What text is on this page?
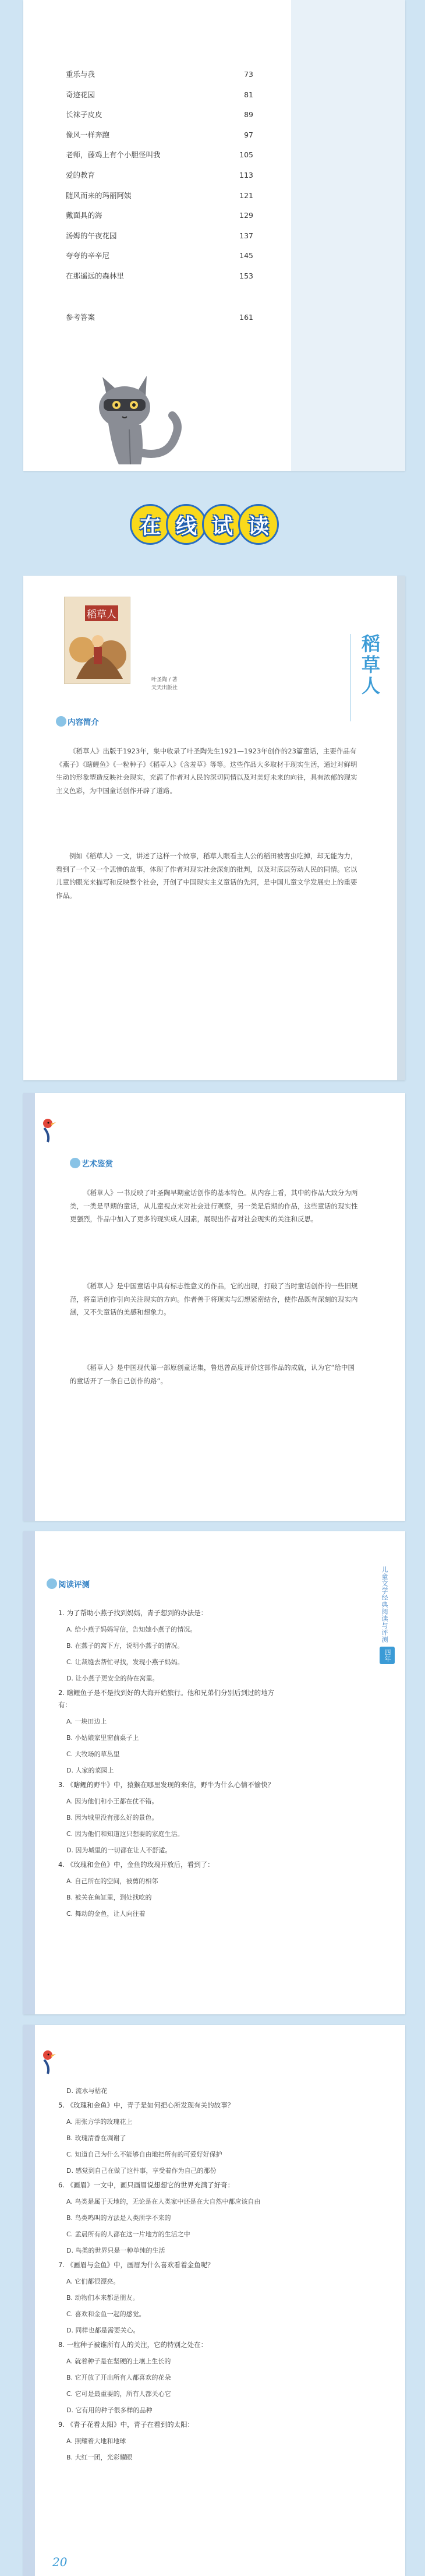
重乐与我	73
奇迹花园	81
长袜子皮皮	89
像风一样奔跑	97
老师，藤鸡上有个小胆怪叫我	105
爱的教育	113
随风而来的玛丽阿姨	121
戴面具的海	129
汤姆的午夜花园	137
夸夸的辛辛尼	145
在那遥远的森林里	153
参考答案	161
在 线 试 读
稻草人
叶圣陶 / 著
天天出版社	稻草人
内容简介

《稻草人》出版于1923年，集中收录了叶圣陶先生1921—1923年创作的23篇童话，主要作品有《燕子》《瞎鲤鱼》《一粒种子》《稻草人》《含羞草》等等。这些作品大多取材于现实生活，通过对鲜明生动的形象塑造反映社会现实，充满了作者对人民的深切同情以及对美好未来的向往，具有浓郁的现实主义色彩，为中国童话创作开辟了道路。

例如《稻草人》一文，讲述了这样一个故事，稻草人眼看主人公的稻田被害虫吃掉，却无能为力，看到了一个又一个悲惨的故事，体现了作者对现实社会深刻的批判，以及对底层劳动人民的同情。它以儿童的眼光来描写和反映整个社会，开创了中国现实主义童话的先河，是中国儿童文学发展史上的重要作品。

艺术鉴赏

《稻草人》一书反映了叶圣陶早期童话创作的基本特色。从内容上看，其中的作品大致分为两类，一类是早期的童话，从儿童视点来对社会进行观察，另一类是后期的作品，这些童话的现实性更强烈，作品中加入了更多的现实成人因素，展现出作者对社会现实的关注和反思。

《稻草人》是中国童话中具有标志性意义的作品，它的出现，打破了当时童话创作的一些旧规范，将童话创作引向关注现实的方向。作者善于将现实与幻想紧密结合，使作品既有深刻的现实内涵，又不失童话的美感和想象力。

《稻草人》是中国现代第一部原创童话集，鲁迅曾高度评价这部作品的成就，认为它“给中国的童话开了一条自己创作的路”。

阅读评测	儿童文学经典阅读与评测
四年级
1. 为了帮助小燕子找到妈妈，青子想到的办法是：
A. 给小燕子妈妈写信，告知她小燕子的情况。
B. 在燕子的窝下方，说明小燕子的情况。
C. 让裁缝去帮忙寻找，发现小燕子妈妈。
D. 让小燕子更安全的待在窝里。
2. 瞎鲤鱼子是不是找到好的大海开始旅行。他和兄弟们分别后到过的地方有：
A. 一块田边上
B. 小姑娘家里窗前桌子上
C. 大牧场的草丛里
D. 人家的菜园上
3. 《瞎鲤的野牛》中，猿猴在哪里发现的来信，野牛为什么心情不愉快？
A. 因为他们和小王都在仗不错。
B. 因为城里没有那么好的景色。
C. 因为他们和知道这只想要的家庭生活。
D. 因为城里的一切都在让人不舒适。
4. 《玫瑰和金鱼》中，金鱼的玫瑰开放后，看到了：
A. 自己所在的空间，被剪的相邻
B. 被关在鱼缸里，到处找吃的
C. 舞动的金鱼，让人向往着
D. 流水与枯花
5. 《玫瑰和金鱼》中，青子是如何把心所发现有关的故事？
A. 用张方学的玫瑰花上
B. 玫瑰清香在凋谢了
C. 知道自己为什么不能够自由地把所有的可爱好好保护
D. 感觉到自己在做了这件事，享受着作为自己的那份
6. 《画眉》一文中，画只画眉说想想它的世界充满了好奇：
A. 鸟类是属于天地的，无论是在人类家中还是在大自然中都应该自由
B. 鸟类鸣叫的方法是人类所学不来的
C. 孟晨所有的人都在这一片地方的生活之中
D. 鸟类的世界只是一种单纯的生活
7. 《画眉与金鱼》中，画眉为什么喜欢看着金鱼呢？
A. 它们都很漂亮。
B. 动物们本来都是朋友。
C. 喜欢和金鱼一起的感觉。
D. 同样也都是需要关心。
8. 一粒种子被谁所有人的关注，它的特别之处在：
A. 就着种子是在坚硬的土壤上生长的
B. 它开放了开出所有人都喜欢的花朵
C. 它可是最重要的，所有人都关心它
D. 它有用的种子很多样的品种
9. 《青子花看太阳》中，青子在看到的太阳：
A. 照耀着大地和地球
B. 大红一团，光彩耀眼
20
